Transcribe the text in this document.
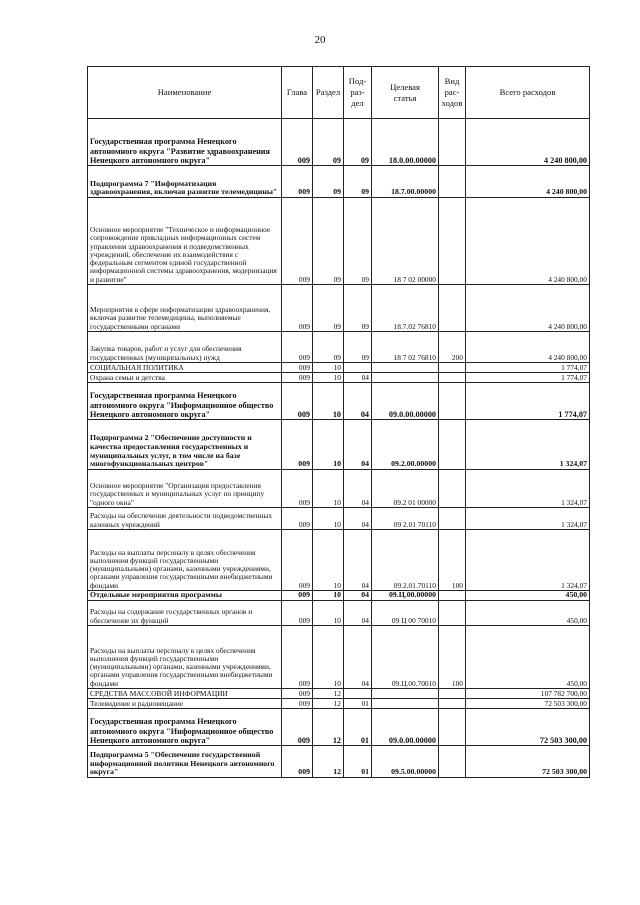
20
Наименование	Глава	Раздел	Под-
раз-
дел	Целевая
статья	Вид
рас-
ходов	Всего расходов
Государственная программа Ненецкого автономного округа "Развитие здравоохранения Ненецкого автономного округа"	009	09	09	18.0.00.00000		4 240 800,00
Подпрограмма 7 "Информатизация здравоохранения, включая развитие телемедицины"	009	09	09	18.7.00.00000		4 240 800,00
Основное мероприятие "Техническое и информационное сопровождение прикладных информационных систем управления здравоохранения и подведомственных учреждений, обеспечение их взаимодействия с федеральным сегментом единой государственной информационной системы здравоохранения, модернизация и развитие"	009	09	09	18 7 02 00000		4 240 800,00
Мероприятия в сфере информатизации здравоохранения, включая развитие телемедицины, выполняемые государственными органами	009	09	09	18.7.02 76810		4 240 800,00
Закупка товаров, работ и услуг для обеспечения государственных (муниципальных) нужд	009	09	09	18 7 02 76810	200	4 240 800,00
СОЦИАЛЬНАЯ ПОЛИТИКА	009	10				1 774,07
Охрана семьи и детства	009	10	04			1 774,07
Государственная программа Ненецкого автономного округа "Информационное общество Ненецкого автономного округа"	009	10	04	09.0.00.00000		1 774,07
Подпрограмма 2 "Обеспечение доступности и качества предоставления государственных и муниципальных услуг, в том числе на базе многофункциональных центров"	009	10	04	09.2.00.00000		1 324,07
Основное мероприятие "Организация предоставления государственных и муниципальных услуг по принципу "одного окна"	009	10	04	09.2 01 00000		1 324,07
Расходы на обеспечение деятельности подведомственных казенных учреждений	009	10	04	09 2.01 70110		1 324,07
Расходы на выплаты персоналу в целях обеспечения выполнения функций государственными (муниципальными) органами, казенными учреждениями, органами управления государственными внебюджетными фондами	009	10	04	09.2.01.70110	100	1 324,07
Отдельные мероприятия программы	009	10	04	09.Ц.00.00000		450,00
Расходы на содержание государственных органов и обеспечение их функций	009	10	04	09 Ц 00 70010		450,00
Расходы на выплаты персоналу в целях обеспечения выполнения функций государственными (муниципальными) органами, казенными учреждениями, органами управления государственными внебюджетными фондами	009	10	04	09.Ц.00.70010	100	450,00
СРЕДСТВА МАССОВОЙ ИНФОРМАЦИИ	009	12				107 782 700,00
Телевидение и радиовещание	009	12	01			72 503 300,00
Государственная программа Ненецкого автономного округа "Информационное общество Ненецкого автономного округа"	009	12	01	09.0.00.00000		72 503 300,00
Подпрограмма 5 "Обеспечение государственной информационной политики Ненецкого автономного округа"	009	12	01	09.5.00.00000		72 503 300,00
